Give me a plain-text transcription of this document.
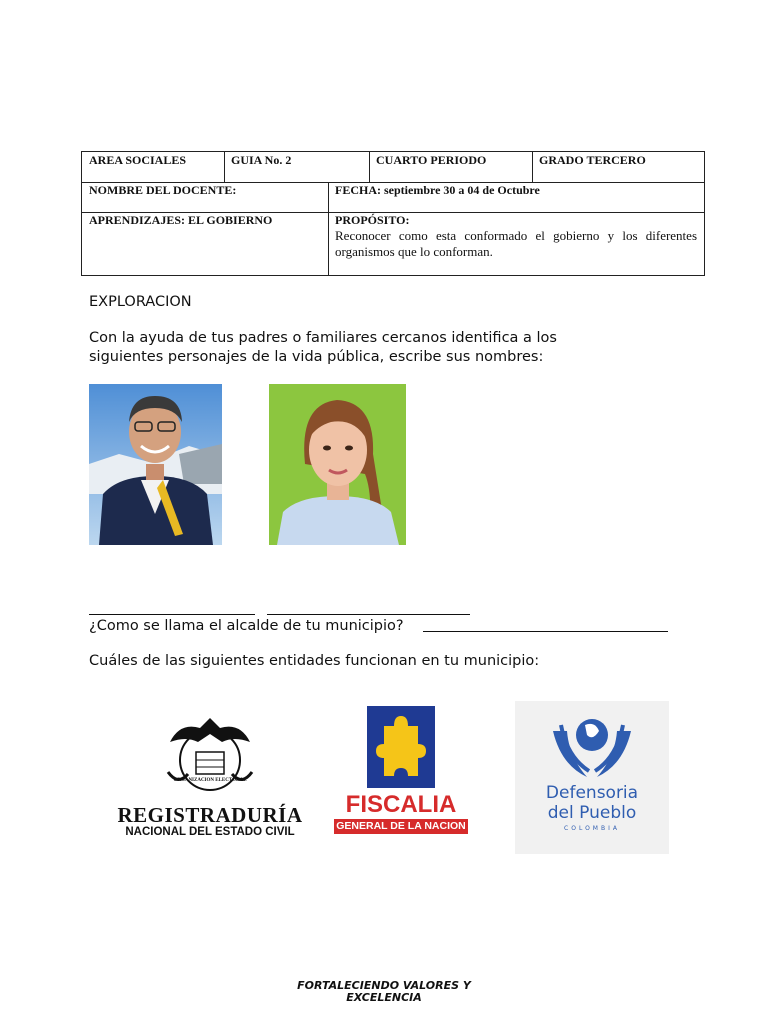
AREA SOCIALES	GUIA No. 2	CUARTO PERIODO	GRADO TERCERO
NOMBRE DEL DOCENTE:	FECHA: septiembre 30 a 04 de Octubre
APRENDIZAJES: EL GOBIERNO	PROPÓSITO:
Reconocer como esta conformado el gobierno y los diferentes organismos que lo conforman.
EXPLORACION
Con la ayuda de tus padres o familiares cercanos identifica a los
siguientes personajes de la vida pública, escribe sus nombres:
¿Como se llama el alcalde de tu municipio?
Cuáles de las siguientes entidades funcionan en tu municipio:
ORGANIZACION ELECTORAL
REGISTRADURÍA
NACIONAL DEL ESTADO CIVIL
FISCALIA
GENERAL DE LA NACION
Defensoria
del Pueblo
COLOMBIA
FORTALECIENDO VALORES Y
EXCELENCIA
